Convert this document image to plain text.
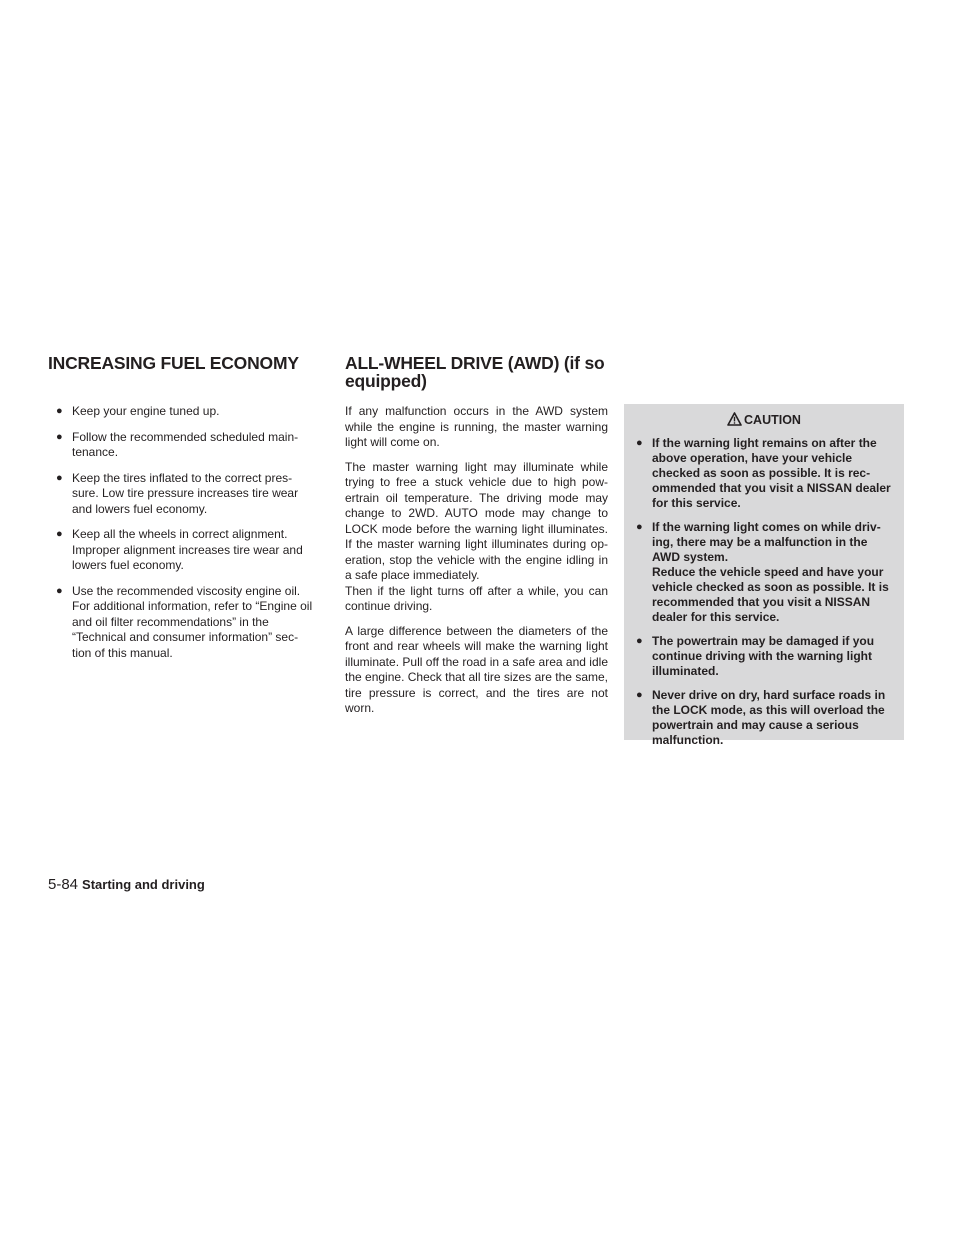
INCREASING FUEL ECONOMY	ALL-WHEEL DRIVE (AWD) (if so equipped)
● Keep your engine tuned up.
● Follow the recommended scheduled main- tenance.
● Keep the tires inflated to the correct pres- sure. Low tire pressure increases tire wear and lowers fuel economy.
● Keep all the wheels in correct alignment. Improper alignment increases tire wear and lowers fuel economy.
● Use the recommended viscosity engine oil. For additional information, refer to “Engine oil and oil filter recommendations” in the “Technical and consumer information” sec- tion of this manual.

If any malfunction occurs in the AWD system while the engine is running, the master warning light will come on.

The master warning light may illuminate while trying to free a stuck vehicle due to high pow- ertrain oil temperature. The driving mode may change to 2WD. AUTO mode may change to LOCK mode before the warning light illuminates. If the master warning light illuminates during op- eration, stop the vehicle with the engine idling in a safe place immediately.

Then if the light turns off after a while, you can continue driving.

A large difference between the diameters of the front and rear wheels will make the warning light illuminate. Pull off the road in a safe area and idle the engine. Check that all tire sizes are the same, tire pressure is correct, and the tires are not worn.

CAUTION
● If the warning light remains on after the above operation, have your vehicle checked as soon as possible. It is rec- ommended that you visit a NISSAN dealer for this service.
● If the warning light comes on while driv- ing, there may be a malfunction in the AWD system.
Reduce the vehicle speed and have your vehicle checked as soon as possible. It is recommended that you visit a NISSAN dealer for this service.
● The powertrain may be damaged if you continue driving with the warning light illuminated.
● Never drive on dry, hard surface roads in the LOCK mode, as this will overload the powertrain and may cause a serious malfunction.
5-84 Starting and driving
